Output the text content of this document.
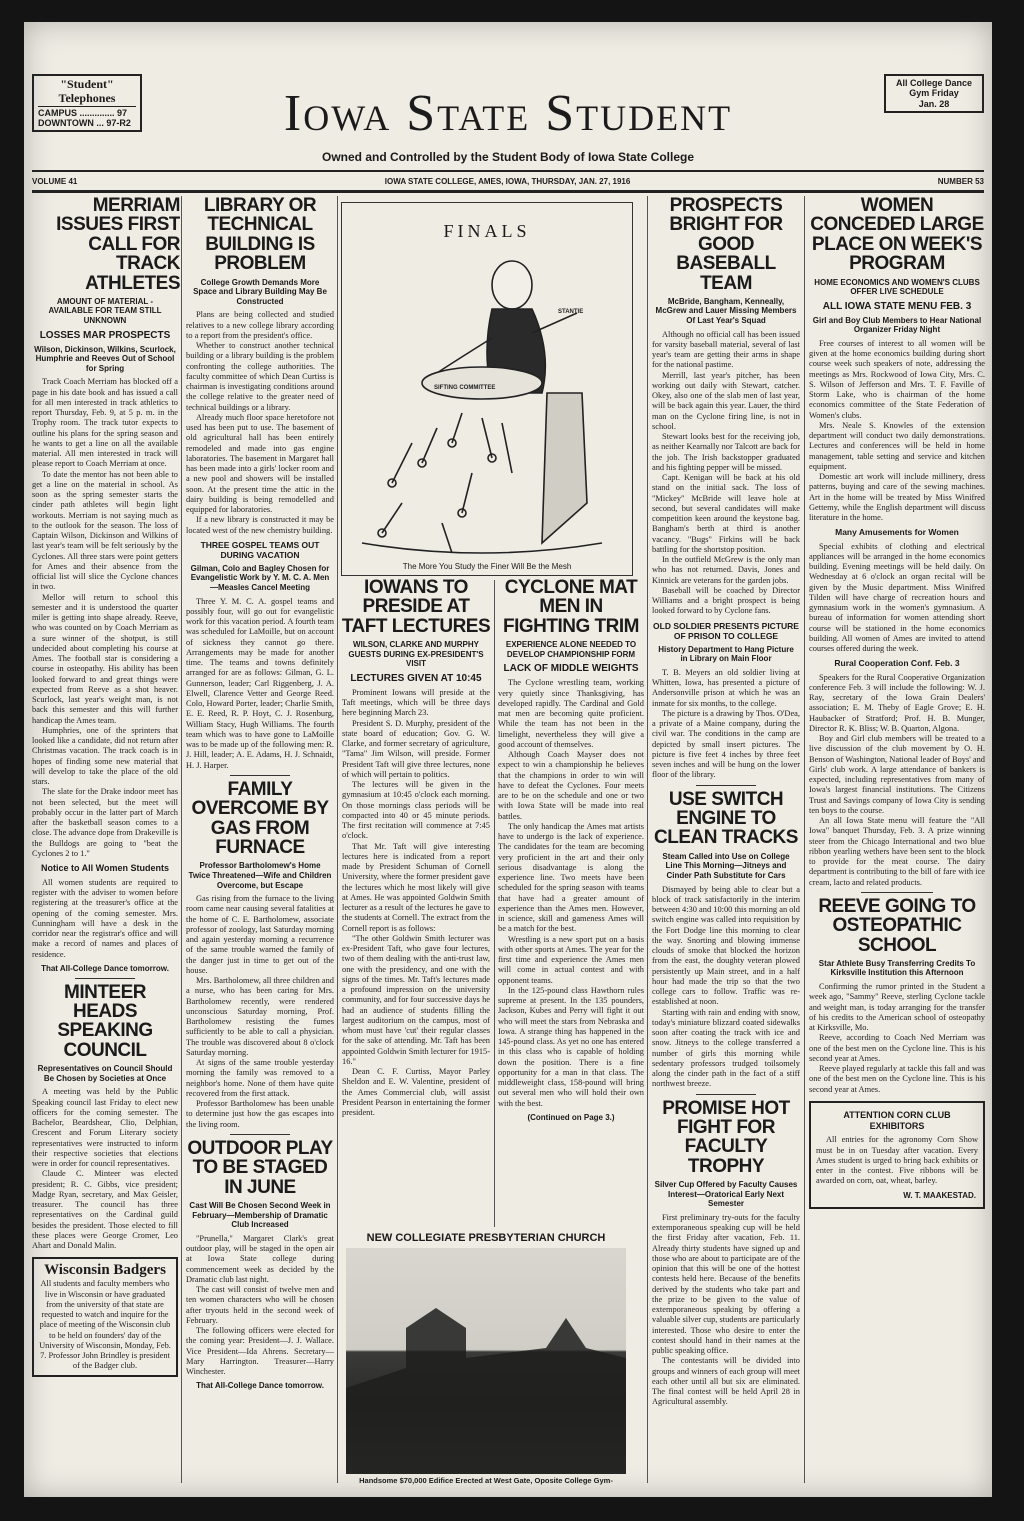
"Student" Telephones
CAMPUS .............. 97
DOWNTOWN ... 97-R2
All College Dance
Gym Friday
Jan. 28
Iowa State Student
Owned and Controlled by the Student Body of Iowa State College
VOLUME 41	IOWA STATE COLLEGE, AMES, IOWA, THURSDAY, JAN. 27, 1916	NUMBER 53
MERRIAM ISSUES FIRST CALL FOR TRACK ATHLETES
AMOUNT OF MATERIAL - AVAILABLE FOR TEAM STILL UNKNOWN
LOSSES MAR PROSPECTS
Wilson, Dickinson, Wilkins, Scurlock, Humphrie and Reeves Out of School for Spring

Track Coach Merriam has blocked off a page in his date book and has issued a call for all men interested in track athletics to report Thursday, Feb. 9, at 5 p. m. in the Trophy room. The track tutor expects to outline his plans for the spring season and he wants to get a line on all the available material. All men interested in track will please report to Coach Merriam at once.

To date the mentor has not been able to get a line on the material in school. As soon as the spring semester starts the cinder path athletes will begin light workouts. Merriam is not saying much as to the outlook for the season. The loss of Captain Wilson, Dickinson and Wilkins of last year's team will be felt seriously by the Cyclones. All three stars were point getters for Ames and their absence from the official list will slice the Cyclone chances in two.

Mellor will return to school this semester and it is understood the quarter miler is getting into shape already. Reeve, who was counted on by Coach Merriam as a sure winner of the shotput, is still undecided about completing his course at Ames. The football star is considering a course in osteopathy. His ability has been looked forward to and great things were expected from Reeve as a shot heaver. Scurlock, last year's weight man, is not back this semester and this will further handicap the Ames team.

Humphries, one of the sprinters that looked like a candidate, did not return after Christmas vacation. The track coach is in hopes of finding some new material that will develop to take the place of the old stars.

The slate for the Drake indoor meet has not been selected, but the meet will probably occur in the latter part of March after the basketball season comes to a close. The advance dope from Drakeville is the Bulldogs are going to "beat the Cyclones 2 to 1."

Notice to All Women Students

All women students are required to register with the adviser to women before registering at the treasurer's office at the opening of the coming semester. Mrs. Cunningham will have a desk in the corridor near the registrar's office and will make a record of names and places of residence.

That All-College Dance tomorrow.
MINTEER HEADS SPEAKING COUNCIL
Representatives on Council Should Be Chosen by Societies at Once

A meeting was held by the Public Speaking council last Friday to elect new officers for the coming semester. The Bachelor, Beardshear, Clio, Delphian, Crescent and Forum Literary society representatives were instructed to inform their respective societies that elections were in order for council representatives.

Claude C. Minteer was elected president; R. C. Gibbs, vice president; Madge Ryan, secretary, and Max Geisler, treasurer. The council has three representatives on the Cardinal guild besides the president. Those elected to fill these places were George Cromer, Leo Ahart and Donald Malin.

Wisconsin Badgers

All students and faculty members who live in Wisconsin or have graduated from the university of that state are requested to watch and inquire for the place of meeting of the Wisconsin club to be held on founders' day of the University of Wisconsin, Monday, Feb. 7. Professor John Brindley is president of the Badger club.

LIBRARY OR TECHNICAL BUILDING IS PROBLEM
College Growth Demands More Space and Library Building May Be Constructed

Plans are being collected and studied relatives to a new college library according to a report from the president's office.

Whether to construct another technical building or a library building is the problem confronting the college authorities. The faculty committee of which Dean Curtiss is chairman is investigating conditions around the college relative to the greater need of technical buildings or a library.

Already much floor space heretofore not used has been put to use. The basement of old agricultural hall has been entirely remodeled and made into gas engine laboratories. The basement in Margaret hall has been made into a girls' locker room and a new pool and showers will be installed soon. At the present time the attic in the dairy building is being remodelled and equipped for laboratories.

If a new library is constructed it may be located west of the new chemistry building.

THREE GOSPEL TEAMS OUT DURING VACATION
Gilman, Colo and Bagley Chosen for Evangelistic Work by Y. M. C. A. Men—Measles Cancel Meeting

Three Y. M. C. A. gospel teams and possibly four, will go out for evangelistic work for this vacation period. A fourth team was scheduled for LaMoille, but on account of sickness they cannot go there. Arrangements may be made for another time. The teams and towns definitely arranged for are as follows: Gilman, G. L. Gunnerson, leader; Carl Riggenberg, J. A. Elwell, Clarence Vetter and George Reed. Colo, Howard Porter, leader; Charlie Smith, E. E. Reed, R. P. Hoyt, C. J. Rosenburg, William Stacy, Hugh Williams. The fourth team which was to have gone to LaMoille was to be made up of the following men: R. J. Hill, leader; A. E. Adams, H. J. Schnaidt, H. J. Harper.

FAMILY OVERCOME BY GAS FROM FURNACE
Professor Bartholomew's Home Twice Threatened—Wife and Children Overcome, but Escape

Gas rising from the furnace to the living room came near causing several fatalities at the home of C. E. Bartholomew, associate professor of zoology, last Saturday morning and again yesterday morning a recurrence of the same trouble warned the family of the danger just in time to get out of the house.

Mrs. Bartholomew, all three children and a nurse, who has been caring for Mrs. Bartholomew recently, were rendered unconscious Saturday morning, Prof. Bartholomew resisting the fumes sufficiently to be able to call a physician. The trouble was discovered about 8 o'clock Saturday morning.

At signs of the same trouble yesterday morning the family was removed to a neighbor's home. None of them have quite recovered from the first attack.

Professor Bartholomew has been unable to determine just how the gas escapes into the living room.

OUTDOOR PLAY TO BE STAGED IN JUNE
Cast Will Be Chosen Second Week in February—Membership of Dramatic Club Increased

"Prunella," Margaret Clark's great outdoor play, will be staged in the open air at Iowa State college during commencement week as decided by the Dramatic club last night.

The cast will consist of twelve men and ten women characters who will be chosen after tryouts held in the second week of February.

The following officers were elected for the coming year: President—J. J. Wallace. Vice President—Ida Ahrens. Secretary—Mary Harrington. Treasurer—Harry Winchester.

That All-College Dance tomorrow.
FINALS
STANTIE
SIFTING COMMITTEE
The More You Study the Finer Will Be the Mesh
IOWANS TO PRESIDE AT TAFT LECTURES
WILSON, CLARKE AND MURPHY GUESTS DURING EX-PRESIDENT'S VISIT
LECTURES GIVEN AT 10:45

Prominent Iowans will preside at the Taft meetings, which will be three days here beginning March 23.

President S. D. Murphy, president of the state board of education; Gov. G. W. Clarke, and former secretary of agriculture, "Tama" Jim Wilson, will preside. Former President Taft will give three lectures, none of which will pertain to politics.

The lectures will be given in the gymnasium at 10:45 o'clock each morning. On those mornings class periods will be compacted into 40 or 45 minute periods. The first recitation will commence at 7:45 o'clock.

That Mr. Taft will give interesting lectures here is indicated from a report made by President Schuman of Cornell University, where the former president gave the lectures which he most likely will give at Ames. He was appointed Goldwin Smith lecturer as a result of the lectures he gave to the students at Cornell. The extract from the Cornell report is as follows:

"The other Goldwin Smith lecturer was ex-President Taft, who gave four lectures, two of them dealing with the anti-trust law, one with the presidency, and one with the signs of the times. Mr. Taft's lectures made a profound impression on the university community, and for four successive days he had an audience of students filling the largest auditorium on the campus, most of whom must have 'cut' their regular classes for the sake of attending. Mr. Taft has been appointed Goldwin Smith lecturer for 1915-16."

Dean C. F. Curtiss, Mayor Parley Sheldon and E. W. Valentine, president of the Ames Commercial club, will assist President Pearson in entertaining the former president.

CYCLONE MAT MEN IN FIGHTING TRIM
EXPERIENCE ALONE NEEDED TO DEVELOP CHAMPIONSHIP FORM
LACK OF MIDDLE WEIGHTS

The Cyclone wrestling team, working very quietly since Thanksgiving, has developed rapidly. The Cardinal and Gold mat men are becoming quite proficient. While the team has not been in the limelight, nevertheless they will give a good account of themselves.

Although Coach Mayser does not expect to win a championship he believes that the champions in order to win will have to defeat the Cyclones. Four meets are to be on the schedule and one or two with Iowa State will be made into real battles.

The only handicap the Ames mat artists have to undergo is the lack of experience. The candidates for the team are becoming very proficient in the art and their only serious disadvantage is along the experience line. Two meets have been scheduled for the spring season with teams that have had a greater amount of experience than the Ames men. However, in science, skill and gameness Ames will be a match for the best.

Wrestling is a new sport put on a basis with other sports at Ames. The year for the first time and experience the Ames men will come in actual contest and with opponent teams.

In the 125-pound class Hawthorn rules supreme at present. In the 135 pounders, Jackson, Kubes and Perry will fight it out who will meet the stars from Nebraska and Iowa. A strange thing has happened in the 145-pound class. As yet no one has entered in this class who is capable of holding down the position. There is a fine opportunity for a man in that class. The middleweight class, 158-pound will bring out several men who will hold their own with the best.

(Continued on Page 3.)
NEW COLLEGIATE PRESBYTERIAN CHURCH
Handsome $70,000 Edifice Erected at West Gate, Oposite College Gym-
PROSPECTS BRIGHT FOR GOOD BASEBALL TEAM
McBride, Bangham, Kenneally, McGrew and Lauer Missing Members Of Last Year's Squad

Although no official call has been issued for varsity baseball material, several of last year's team are getting their arms in shape for the national pastime.

Merrill, last year's pitcher, has been working out daily with Stewart, catcher. Okey, also one of the slab men of last year, will be back again this year. Lauer, the third man on the Cyclone firing line, is not in school.

Stewart looks best for the receiving job, as neither Kearnally nor Talcott are back for the job. The Irish backstopper graduated and his fighting pepper will be missed.

Capt. Kenigan will be back at his old stand on the initial sack. The loss of "Mickey" McBride will leave hole at second, but several candidates will make competition keen around the keystone bag. Bangham's berth at third is another vacancy. "Bugs" Firkins will be back battling for the shortstop position.

In the outfield McGrew is the only man who has not returned. Davis, Jones and Kinnick are veterans for the garden jobs.

Baseball will be coached by Director Williams and a bright prospect is being looked forward to by Cyclone fans.

OLD SOLDIER PRESENTS PICTURE OF PRISON TO COLLEGE
History Department to Hang Picture in Library on Main Floor

T. B. Meyers an old soldier living at Whitten, Iowa, has presented a picture of Andersonville prison at which he was an inmate for six months, to the college.

The picture is a drawing by Thos. O'Dea, a private of a Maine company, during the civil war. The conditions in the camp are depicted by small insert pictures. The picture is five feet 4 inches by three feet seven inches and will be hung on the lower floor of the library.

USE SWITCH ENGINE TO CLEAN TRACKS
Steam Called into Use on College Line This Morning—Jitneys and Cinder Path Substitute for Cars

Dismayed by being able to clear but a block of track satisfactorily in the interim between 4:30 and 10:00 this morning an old switch engine was called into requisition by the Fort Dodge line this morning to clear the way. Snorting and blowing immense clouds of smoke that blocked the horizon from the east, the doughty veteran plowed persistently up Main street, and in a half hour had made the trip so that the two college cars to follow. Traffic was re-established at noon.

Starting with rain and ending with snow, today's miniature blizzard coated sidewalks soon after coating the track with ice and snow. Jitneys to the college transferred a number of girls this morning while sedentary professors trudged toilsomely along the cinder path in the fact of a stiff northwest breeze.

PROMISE HOT FIGHT FOR FACULTY TROPHY
Silver Cup Offered by Faculty Causes Interest—Oratorical Early Next Semester

First preliminary try-outs for the faculty extemporaneous speaking cup will be held the first Friday after vacation, Feb. 11. Already thirty students have signed up and those who are about to participate are of the opinion that this will be one of the hottest contests held here. Because of the benefits derived by the students who take part and the prize to be given to the value of extemporaneous speaking by offering a valuable silver cup, students are particularly interested. Those who desire to enter the contest should hand in their names at the public speaking office.

The contestants will be divided into groups and winners of each group will meet each other until all but six are eliminated. The final contest will be held April 28 in Agricultural assembly.

WOMEN CONCEDED LARGE PLACE ON WEEK'S PROGRAM
HOME ECONOMICS AND WOMEN'S CLUBS OFFER LIVE SCHEDULE
ALL IOWA STATE MENU FEB. 3
Girl and Boy Club Members to Hear National Organizer Friday Night

Free courses of interest to all women will be given at the home economics building during short course week such speakers of note, addressing the meetings as Mrs. Rockwood of Iowa City, Mrs. C. S. Wilson of Jefferson and Mrs. T. F. Faville of Storm Lake, who is chairman of the home economics committee of the State Federation of Women's clubs.

Mrs. Neale S. Knowles of the extension department will conduct two daily demonstrations. Lectures and conferences will be held in home management, table setting and service and kitchen equipment.

Domestic art work will include millinery, dress patterns, buying and care of the sewing machines. Art in the home will be treated by Miss Winifred Gettemy, while the English department will discuss literature in the home.

Many Amusements for Women

Special exhibits of clothing and electrical appliances will be arranged in the home economics building. Evening meetings will be held daily. On Wednesday at 6 o'clock an organ recital will be given by the Music department. Miss Winifred Tilden will have charge of recreation hours and gymnasium work in the women's gymnasium. A bureau of information for women attending short course will be stationed in the home economics building. All women of Ames are invited to attend courses offered during the week.

Rural Cooperation Conf. Feb. 3

Speakers for the Rural Cooperative Organization conference Feb. 3 will include the following: W. J. Ray, secretary of the Iowa Grain Dealers' association; E. M. Theby of Eagle Grove; E. H. Haubacker of Stratford; Prof. H. B. Munger, Director R. K. Bliss; W. B. Quarton, Algona.

Boy and Girl club members will be treated to a live discussion of the club movement by O. H. Benson of Washington, National leader of Boys' and Girls' club work. A large attendance of bankers is expected, including representatives from many of Iowa's largest financial institutions. The Citizens Trust and Savings company of Iowa City is sending ten boys to the course.

An all Iowa State menu will feature the "All Iowa" banquet Thursday, Feb. 3. A prize winning steer from the Chicago International and two blue ribbon yearling wethers have been sent to the block to provide for the meat course. The dairy department is contributing to the bill of fare with ice cream, lacto and related products.

REEVE GOING TO OSTEOPATHIC SCHOOL
Star Athlete Busy Transferring Credits To Kirksville Institution this Afternoon

Confirming the rumor printed in the Student a week ago, "Sammy" Reeve, sterling Cyclone tackle and weight man, is today arranging for the transfer of his credits to the American school of osteopathy at Kirksville, Mo.

Reeve, according to Coach Ned Merriam was one of the best men on the Cyclone line. This is his second year at Ames.

Reeve played regularly at tackle this fall and was one of the best men on the Cyclone line. This is his second year at Ames.

ATTENTION CORN CLUB EXHIBITORS

All entries for the agronomy Corn Show must be in on Tuesday after vacation. Every Ames student is urged to bring back exhibits or enter in the contest. Five ribbons will be awarded on corn, oat, wheat, barley.

W. T. MAAKESTAD.
